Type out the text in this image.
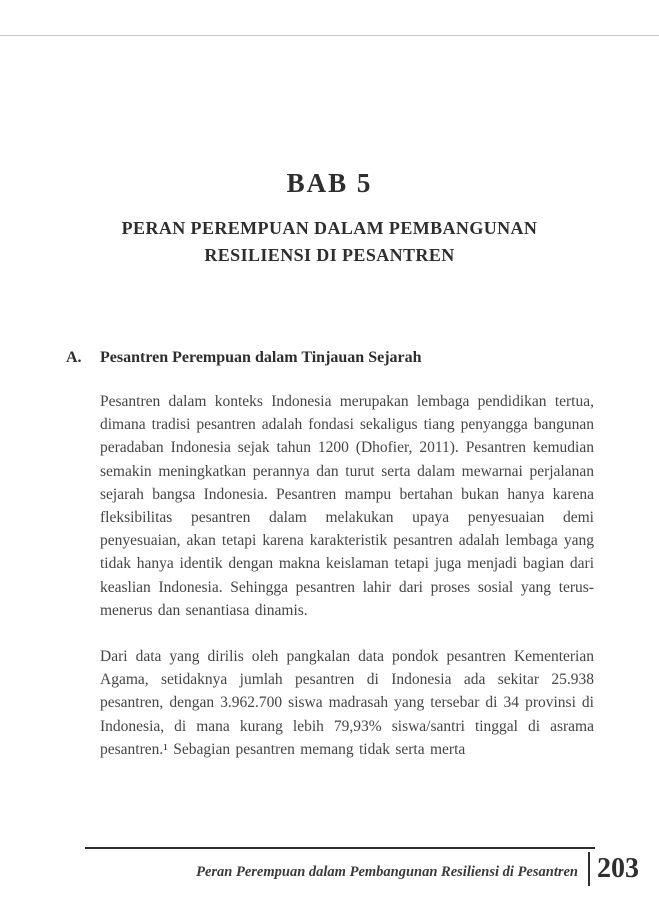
BAB 5
PERAN PEREMPUAN DALAM PEMBANGUNAN
RESILIENSI DI PESANTREN
A.	Pesantren Perempuan dalam Tinjauan Sejarah

Pesantren dalam konteks Indonesia merupakan lembaga pendidikan tertua, dimana tradisi pesantren adalah fondasi sekaligus tiang penyangga bangunan peradaban Indonesia sejak tahun 1200 (Dhofier, 2011). Pesantren kemudian semakin meningkatkan perannya dan turut serta dalam mewarnai perjalanan sejarah bangsa Indonesia. Pesantren mampu bertahan bukan hanya karena fleksibilitas pesantren dalam melakukan upaya penyesuaian demi penyesuaian, akan tetapi karena karakteristik pesantren adalah lembaga yang tidak hanya identik dengan makna keislaman tetapi juga menjadi bagian dari keaslian Indonesia. Sehingga pesantren lahir dari proses sosial yang terus-menerus dan senantiasa dinamis.

Dari data yang dirilis oleh pangkalan data pondok pesantren Kementerian Agama, setidaknya jumlah pesantren di Indonesia ada sekitar 25.938 pesantren, dengan 3.962.700 siswa madrasah yang tersebar di 34 provinsi di Indonesia, di mana kurang lebih 79,93% siswa/santri tinggal di asrama pesantren.¹ Sebagian pesantren memang tidak serta merta

Peran Perempuan dalam Pembangunan Resiliensi di Pesantren 203
